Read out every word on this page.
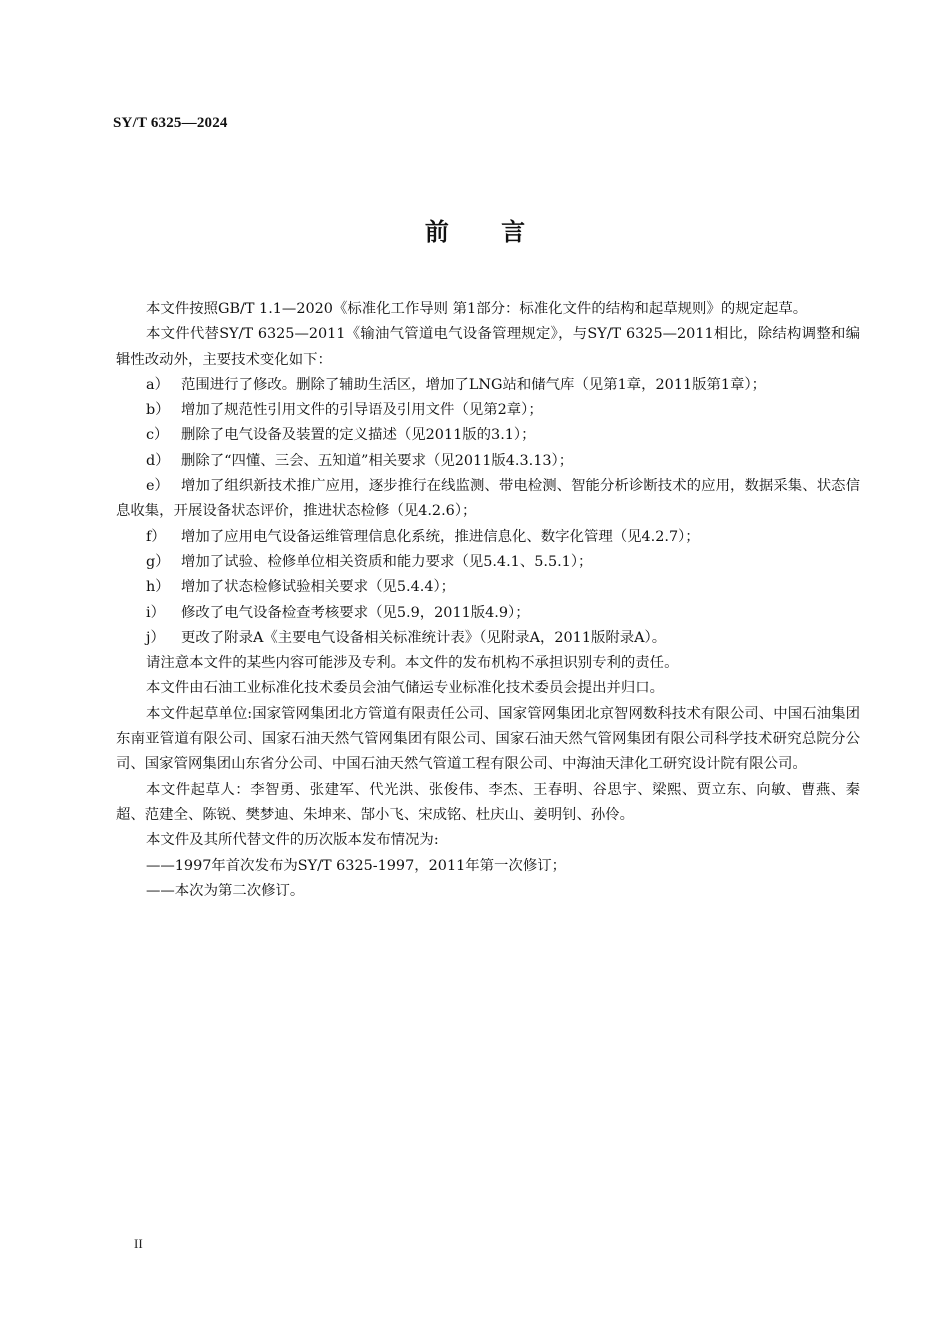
SY/T 6325—2024
前 言

本文件按照GB/T 1.1—2020《标准化工作导则 第1部分：标准化文件的结构和起草规则》的规定起草。

本文件代替SY/T 6325—2011《输油气管道电气设备管理规定》，与SY/T 6325—2011相比，除结构调整和编辑性改动外，主要技术变化如下：

a） 范围进行了修改。删除了辅助生活区，增加了LNG站和储气库（见第1章，2011版第1章）；

b） 增加了规范性引用文件的引导语及引用文件（见第2章）；

c） 删除了电气设备及装置的定义描述（见2011版的3.1）；

d） 删除了“四懂、三会、五知道”相关要求（见2011版4.3.13）；

e） 增加了组织新技术推广应用，逐步推行在线监测、带电检测、智能分析诊断技术的应用，数据采集、状态信息收集，开展设备状态评价，推进状态检修（见4.2.6）；

f） 增加了应用电气设备运维管理信息化系统，推进信息化、数字化管理（见4.2.7）；

g） 增加了试验、检修单位相关资质和能力要求（见5.4.1、5.5.1）；

h） 增加了状态检修试验相关要求（见5.4.4）；

i） 修改了电气设备检查考核要求（见5.9，2011版4.9）；

j） 更改了附录A《主要电气设备相关标准统计表》（见附录A，2011版附录A）。

请注意本文件的某些内容可能涉及专利。本文件的发布机构不承担识别专利的责任。

本文件由石油工业标准化技术委员会油气储运专业标准化技术委员会提出并归口。

本文件起草单位:国家管网集团北方管道有限责任公司、国家管网集团北京智网数科技术有限公司、中国石油集团东南亚管道有限公司、国家石油天然气管网集团有限公司、国家石油天然气管网集团有限公司科学技术研究总院分公司、国家管网集团山东省分公司、中国石油天然气管道工程有限公司、中海油天津化工研究设计院有限公司。

本文件起草人：李智勇、张建军、代光洪、张俊伟、李杰、王春明、谷思宇、梁熙、贾立东、向敏、曹燕、秦超、范建全、陈锐、樊梦迪、朱坤来、郜小飞、宋成铭、杜庆山、姜明钊、孙伶。

本文件及其所代替文件的历次版本发布情况为:

——1997年首次发布为SY/T 6325-1997，2011年第一次修订；

——本次为第二次修订。

II
